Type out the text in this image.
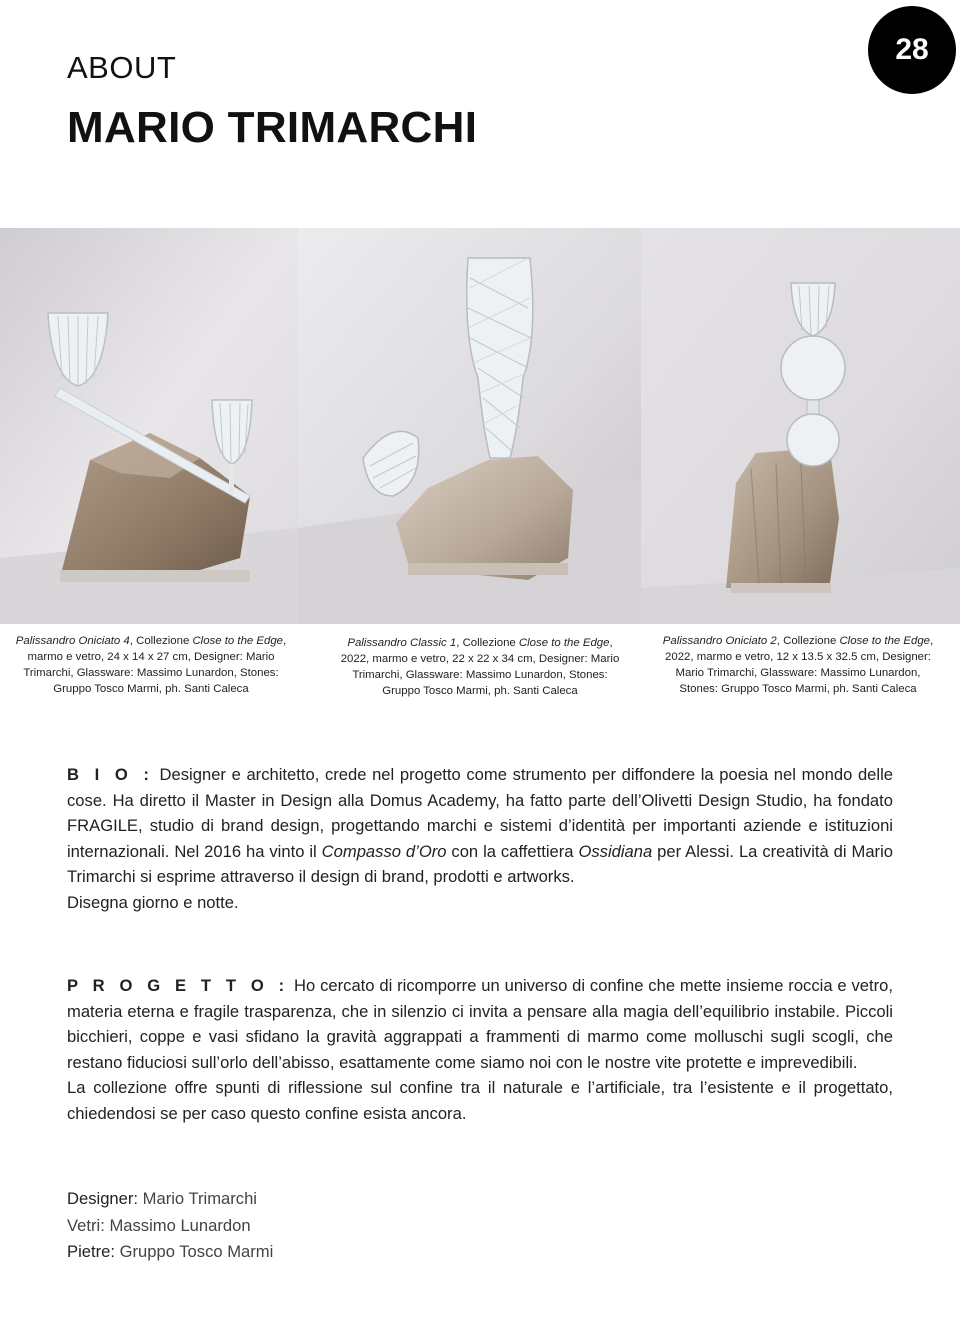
ABOUT
MARIO TRIMARCHI
28
Palissandro Oniciato 4, Collezione Close to the Edge, marmo e vetro, 24 x 14 x 27 cm, Designer: Mario Trimarchi, Glassware: Massimo Lunardon, Stones: Gruppo Tosco Marmi, ph. Santi Caleca
Palissandro Classic 1, Collezione Close to the Edge, 2022, marmo e vetro, 22 x 22 x 34 cm, Designer: Mario Trimarchi, Glassware: Massimo Lunardon, Stones: Gruppo Tosco Marmi, ph. Santi Caleca
Palissandro Oniciato 2, Collezione Close to the Edge, 2022, marmo e vetro, 12 x 13.5 x 32.5 cm, Designer: Mario Trimarchi, Glassware: Massimo Lunardon, Stones: Gruppo Tosco Marmi, ph. Santi Caleca

B I O : Designer e architetto, crede nel progetto come strumento per diffondere la poesia nel mondo delle cose. Ha diretto il Master in Design alla Domus Academy, ha fatto parte dell’Olivetti Design Studio, ha fondato FRAGILE, studio di brand design, progettando marchi e sistemi d’identità per importanti aziende e istituzioni internazionali. Nel 2016 ha vinto il Compasso d’Oro con la caffettiera Ossidiana per Alessi. La creatività di Mario Trimarchi si esprime attraverso il design di brand, prodotti e artworks.

Disegna giorno e notte.

P R O G E T T O : Ho cercato di ricomporre un universo di confine che mette insieme roccia e vetro, materia eterna e fragile trasparenza, che in silenzio ci invita a pensare alla magia dell’equilibrio instabile. Piccoli bicchieri, coppe e vasi sfidano la gravità aggrappati a frammenti di marmo come molluschi sugli scogli, che restano fiduciosi sull’orlo dell’abisso, esattamente come siamo noi con le nostre vite protette e imprevedibili.

La collezione offre spunti di riflessione sul confine tra il naturale e l’artificiale, tra l’esistente e il progettato, chiedendosi se per caso questo confine esista ancora.

Designer: Mario Trimarchi
Vetri: Massimo Lunardon
Pietre: Gruppo Tosco Marmi
